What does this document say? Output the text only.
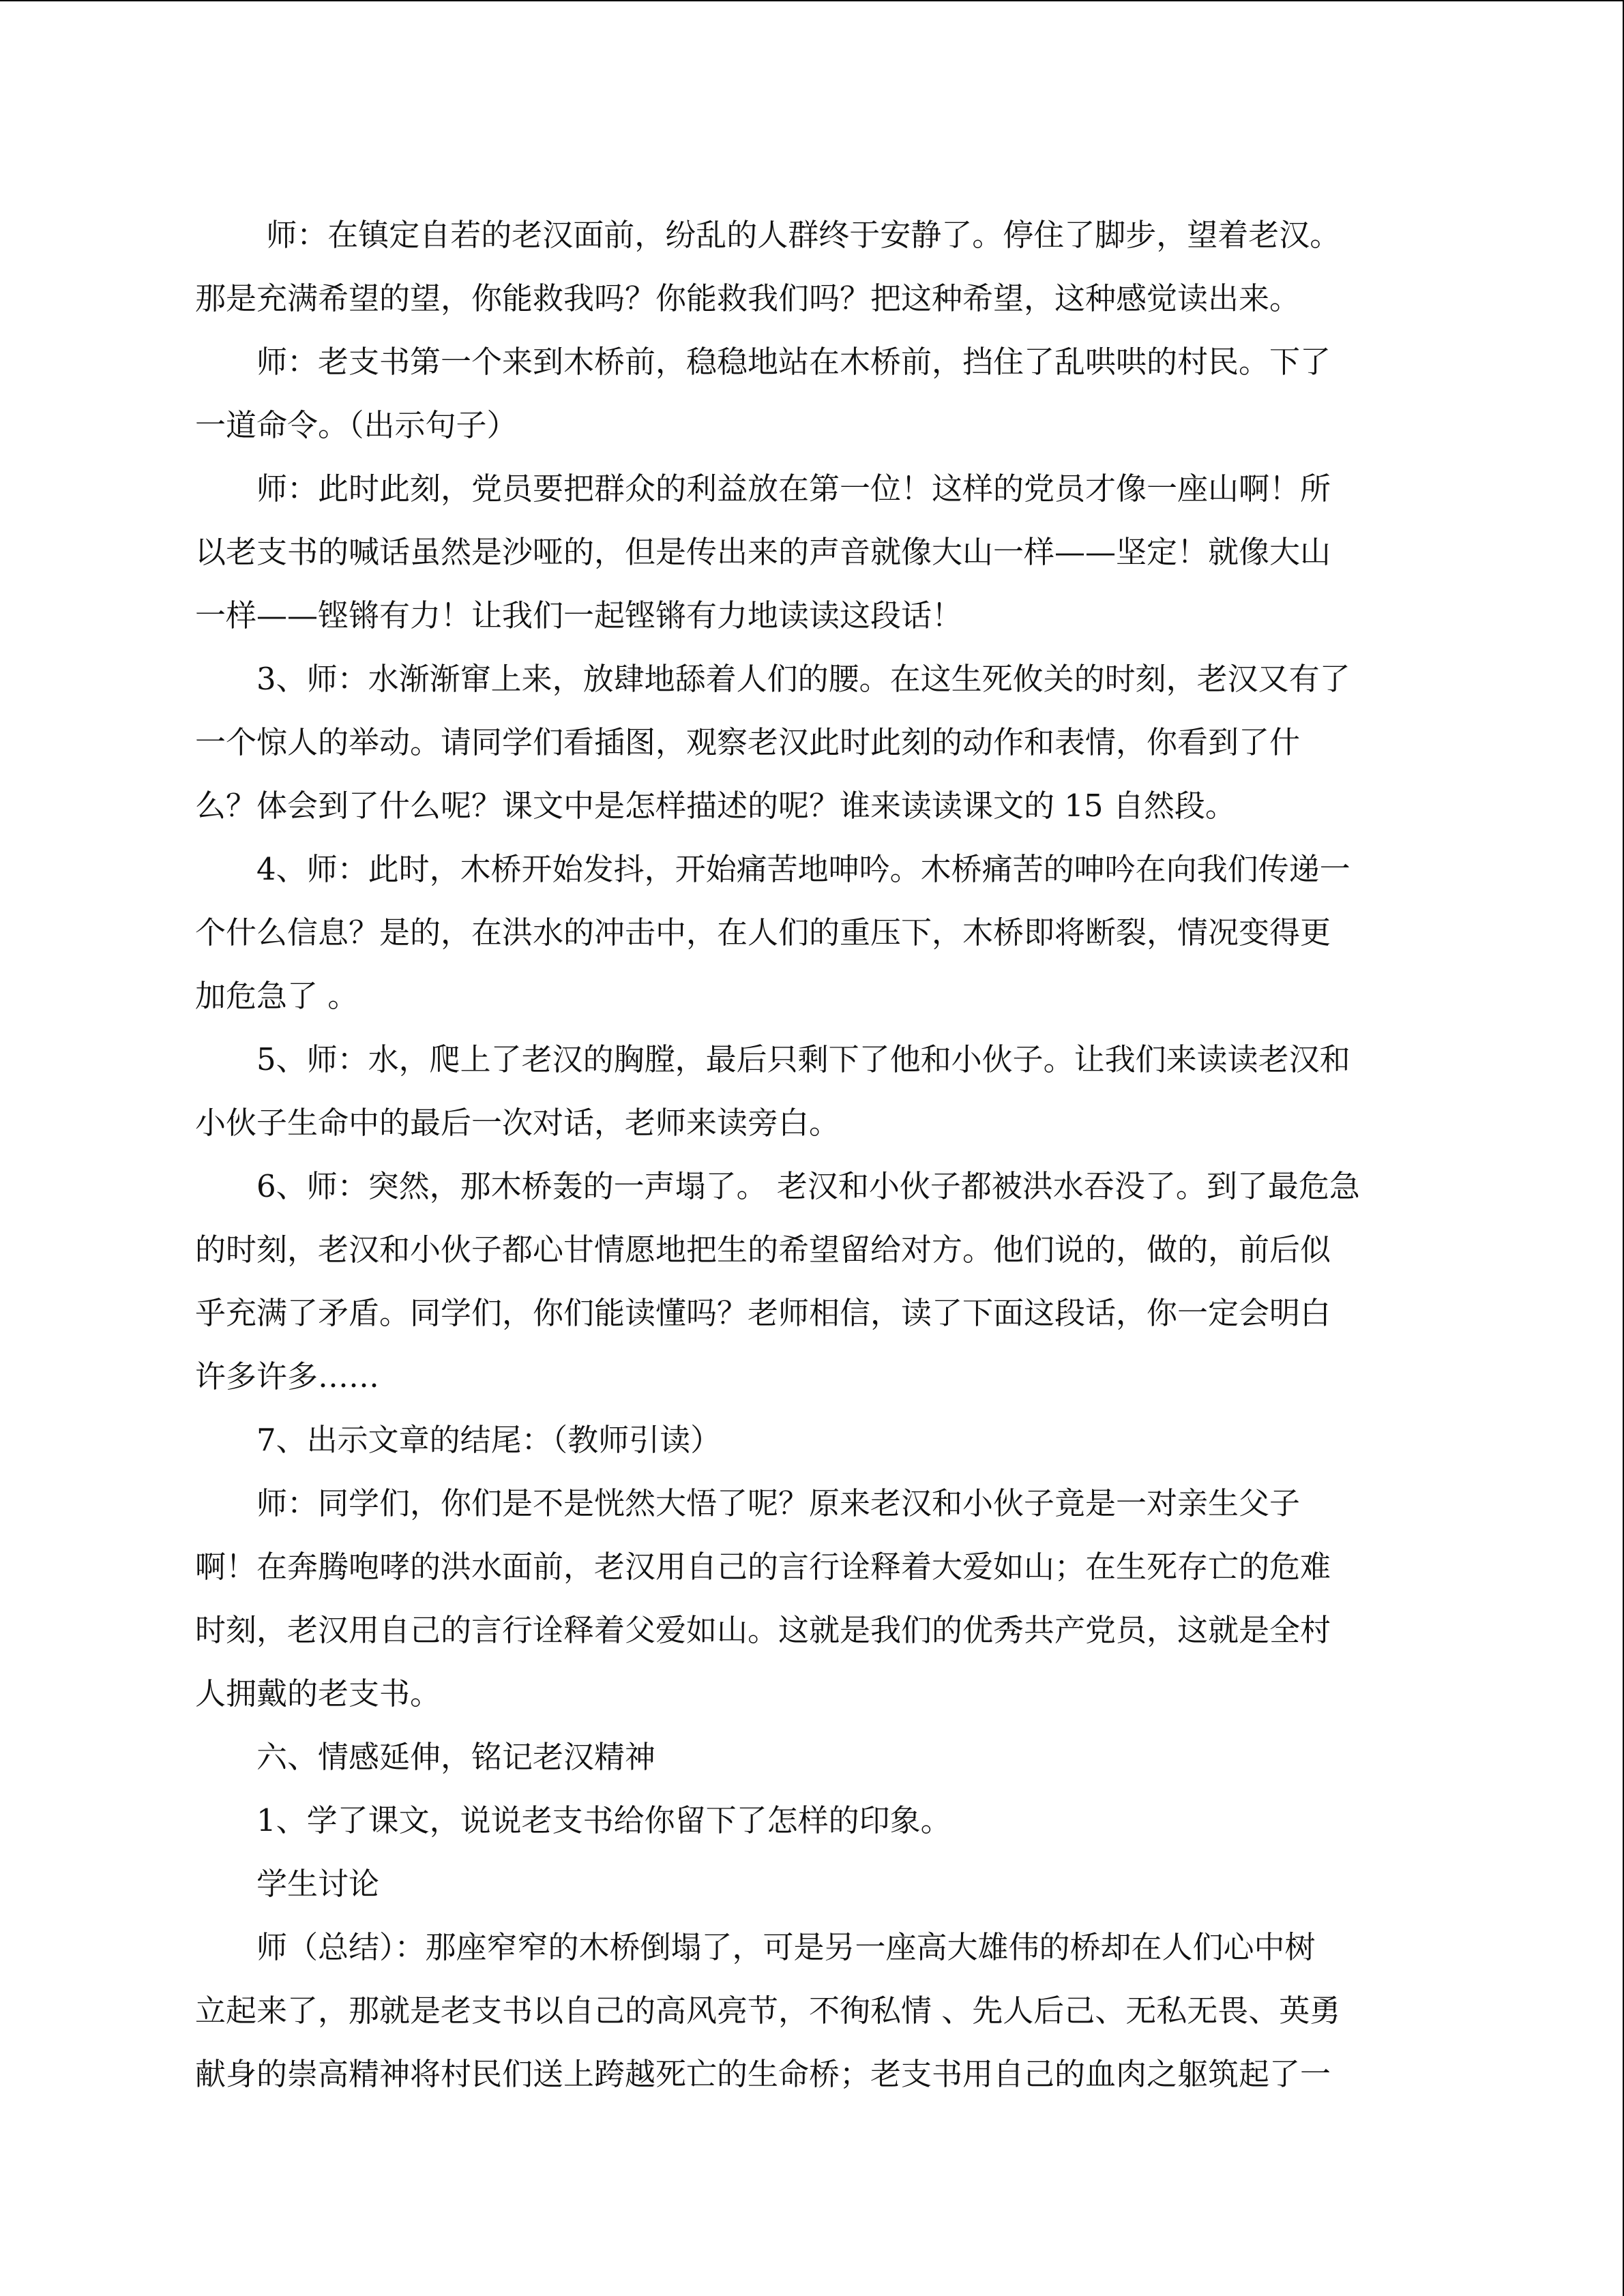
师：在镇定自若的老汉面前，纷乱的人群终于安静了。停住了脚步，望着老汉。
那是充满希望的望，你能救我吗？你能救我们吗？把这种希望，这种感觉读出来。

师：老支书第一个来到木桥前，稳稳地站在木桥前，挡住了乱哄哄的村民。下了
一道命令。（出示句子）

师：此时此刻，党员要把群众的利益放在第一位！这样的党员才像一座山啊！所
以老支书的喊话虽然是沙哑的，但是传出来的声音就像大山一样——坚定！就像大山
一样——铿锵有力！让我们一起铿锵有力地读读这段话！

3、师：水渐渐窜上来，放肆地舔着人们的腰。在这生死攸关的时刻，老汉又有了
一个惊人的举动。请同学们看插图，观察老汉此时此刻的动作和表情，你看到了什
么？体会到了什么呢？课文中是怎样描述的呢？谁来读读课文的 15 自然段。

4、师：此时，木桥开始发抖，开始痛苦地呻吟。木桥痛苦的呻吟在向我们传递一
个什么信息？是的，在洪水的冲击中，在人们的重压下，木桥即将断裂，情况变得更
加危急了 。

5、师：水，爬上了老汉的胸膛，最后只剩下了他和小伙子。让我们来读读老汉和
小伙子生命中的最后一次对话，老师来读旁白。

6、师：突然，那木桥轰的一声塌了。 老汉和小伙子都被洪水吞没了。到了最危急
的时刻，老汉和小伙子都心甘情愿地把生的希望留给对方。他们说的，做的，前后似
乎充满了矛盾。同学们，你们能读懂吗？老师相信，读了下面这段话，你一定会明白
许多许多……

7、出示文章的结尾：（教师引读）

师：同学们，你们是不是恍然大悟了呢？原来老汉和小伙子竟是一对亲生父子
啊！在奔腾咆哮的洪水面前，老汉用自己的言行诠释着大爱如山；在生死存亡的危难
时刻，老汉用自己的言行诠释着父爱如山。这就是我们的优秀共产党员，这就是全村
人拥戴的老支书。

六、情感延伸，铭记老汉精神

1、学了课文，说说老支书给你留下了怎样的印象。

学生讨论

师（总结）：那座窄窄的木桥倒塌了，可是另一座高大雄伟的桥却在人们心中树
立起来了，那就是老支书以自己的高风亮节，不徇私情 、先人后己、无私无畏、英勇
献身的崇高精神将村民们送上跨越死亡的生命桥；老支书用自己的血肉之躯筑起了一
